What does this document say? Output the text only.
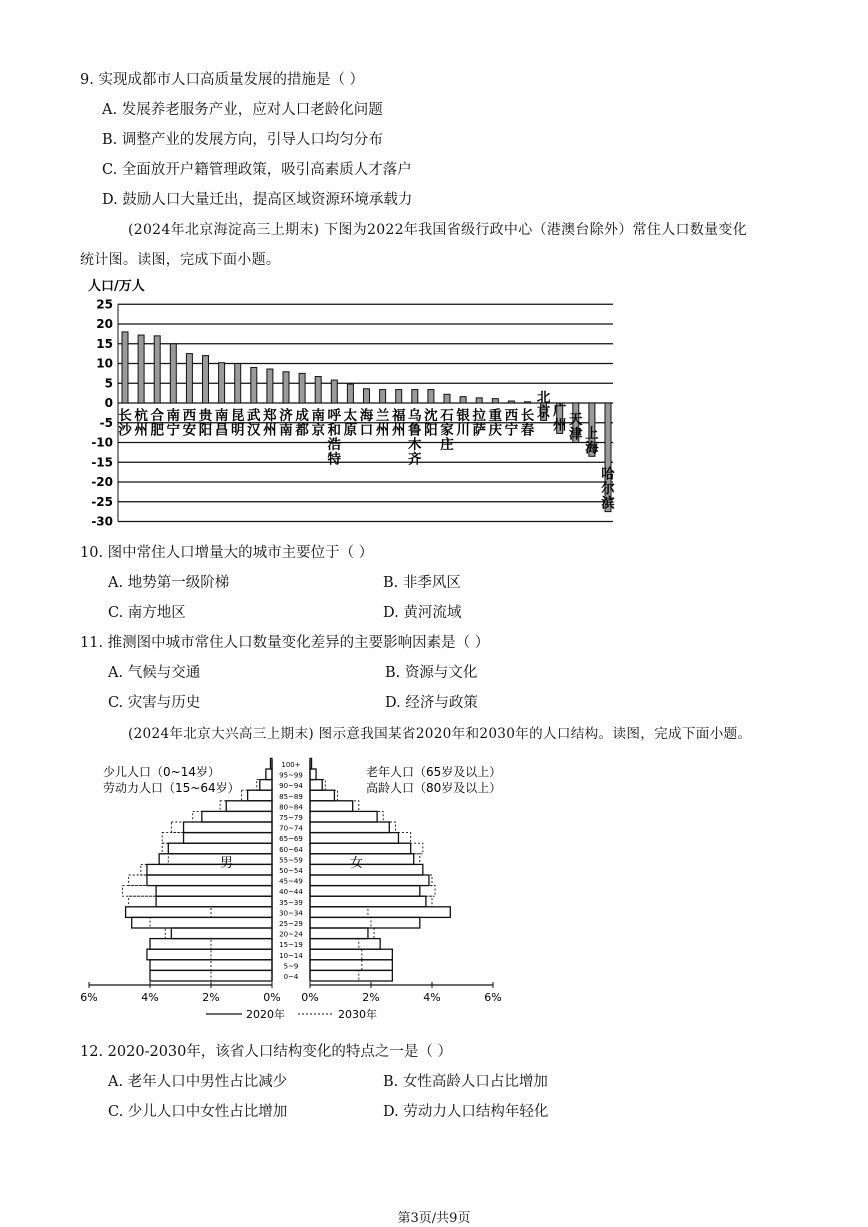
9. 实现成都市人口高质量发展的措施是（ ）
A. 发展养老服务产业，应对人口老龄化问题
B. 调整产业的发展方向，引导人口均匀分布
C. 全面放开户籍管理政策，吸引高素质人才落户
D. 鼓励人口大量迁出，提高区域资源环境承载力
(2024年北京海淀高三上期末) 下图为2022年我国省级行政中心（港澳台除外）常住人口数量变化
统计图。读图，完成下面小题。
人口/万人
25
20
15
10
5
0
-5
-10
-15
-20
-25
-30
长沙
杭州
合肥
南宁
西安
贵阳
南昌
昆明
武汉
郑州
济南
成都
南京
呼和浩特
太原
海口
兰州
福州
乌鲁木齐
沈阳
石家庄
银川
拉萨
重庆
西宁
长春
北京 广州 天津 上海
哈尔滨
10. 图中常住人口增量大的城市主要位于（ ）
A. 地势第一级阶梯	B. 非季风区
C. 南方地区	D. 黄河流域
11. 推测图中城市常住人口数量变化差异的主要影响因素是（ ）
A. 气候与交通	B. 资源与文化
C. 灾害与历史	D. 经济与政策
(2024年北京大兴高三上期末) 图示意我国某省2020年和2030年的人口结构。读图，完成下面小题。
0~4
5~9
10~14
15~19
20~24
25~29
30~34
35~39
40~44
45~49
50~54
55~59
60~64
65~69
70~74
75~79
80~84
85~89
90~94
95~99
100+
6%	4%	2%	0% 0%	2%	4%	6%
少儿人口（0~14岁）
劳动力人口（15~64岁）
老年人口（65岁及以上）
高龄人口（80岁及以上）
男	女
2020年	2030年
12. 2020-2030年，该省人口结构变化的特点之一是（ ）
A. 老年人口中男性占比减少	B. 女性高龄人口占比增加
C. 少儿人口中女性占比增加	D. 劳动力人口结构年轻化
第3页/共9页
